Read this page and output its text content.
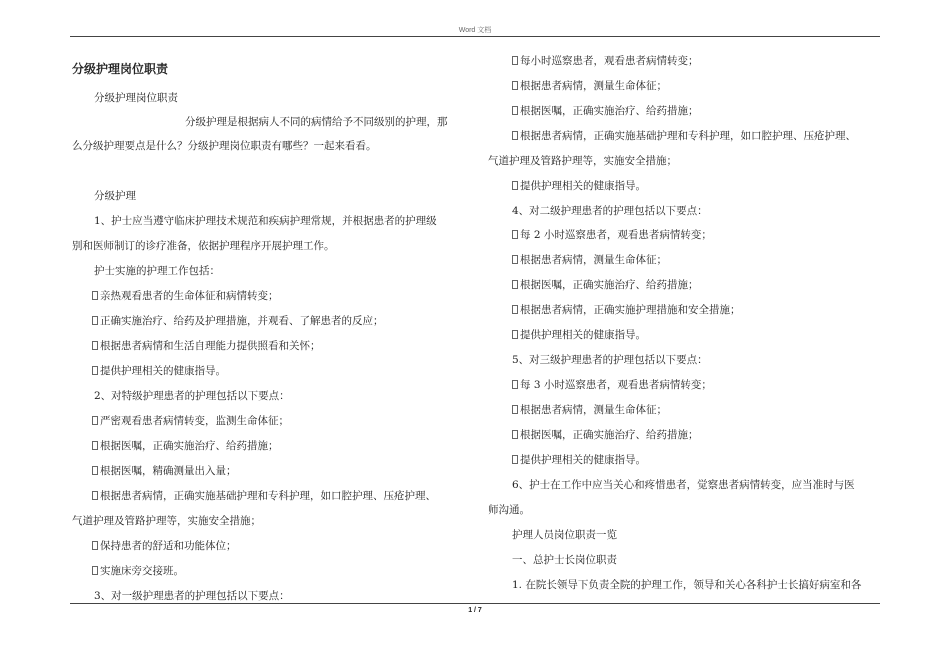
Word 文档
分级护理岗位职责
分级护理岗位职责
分级护理是根据病人不同的病情给予不同级别的护理，那
么分级护理要点是什么？分级护理岗位职责有哪些？一起来看看。
分级护理
1、护士应当遵守临床护理技术规范和疾病护理常规，并根据患者的护理级
别和医师制订的诊疗准备，依据护理程序开展护理工作。
护士实施的护理工作包括：
亲热观看患者的生命体征和病情转变；
正确实施治疗、给药及护理措施，并观看、了解患者的反应；
根据患者病情和生活自理能力提供照看和关怀；
提供护理相关的健康指导。
2、对特级护理患者的护理包括以下要点：
严密观看患者病情转变，监测生命体征；
根据医嘱，正确实施治疗、给药措施；
根据医嘱，精确测量出入量；
根据患者病情，正确实施基础护理和专科护理，如口腔护理、压疮护理、
气道护理及管路护理等，实施安全措施；
保持患者的舒适和功能体位；
实施床旁交接班。
3、对一级护理患者的护理包括以下要点：
每小时巡察患者，观看患者病情转变；
根据患者病情，测量生命体征；
根据医嘱，正确实施治疗、给药措施；
根据患者病情，正确实施基础护理和专科护理，如口腔护理、压疮护理、
气道护理及管路护理等，实施安全措施；
提供护理相关的健康指导。
4、对二级护理患者的护理包括以下要点：
每 2 小时巡察患者，观看患者病情转变；
根据患者病情，测量生命体征；
根据医嘱，正确实施治疗、给药措施；
根据患者病情，正确实施护理措施和安全措施；
提供护理相关的健康指导。
5、对三级护理患者的护理包括以下要点：
每 3 小时巡察患者，观看患者病情转变；
根据患者病情，测量生命体征；
根据医嘱，正确实施治疗、给药措施；
提供护理相关的健康指导。
6、护士在工作中应当关心和疼惜患者，觉察患者病情转变，应当准时与医
师沟通。
护理人员岗位职责一览
一、总护士长岗位职责
1. 在院长领导下负责全院的护理工作，领导和关心各科护士长搞好病室和各
1 / 7
